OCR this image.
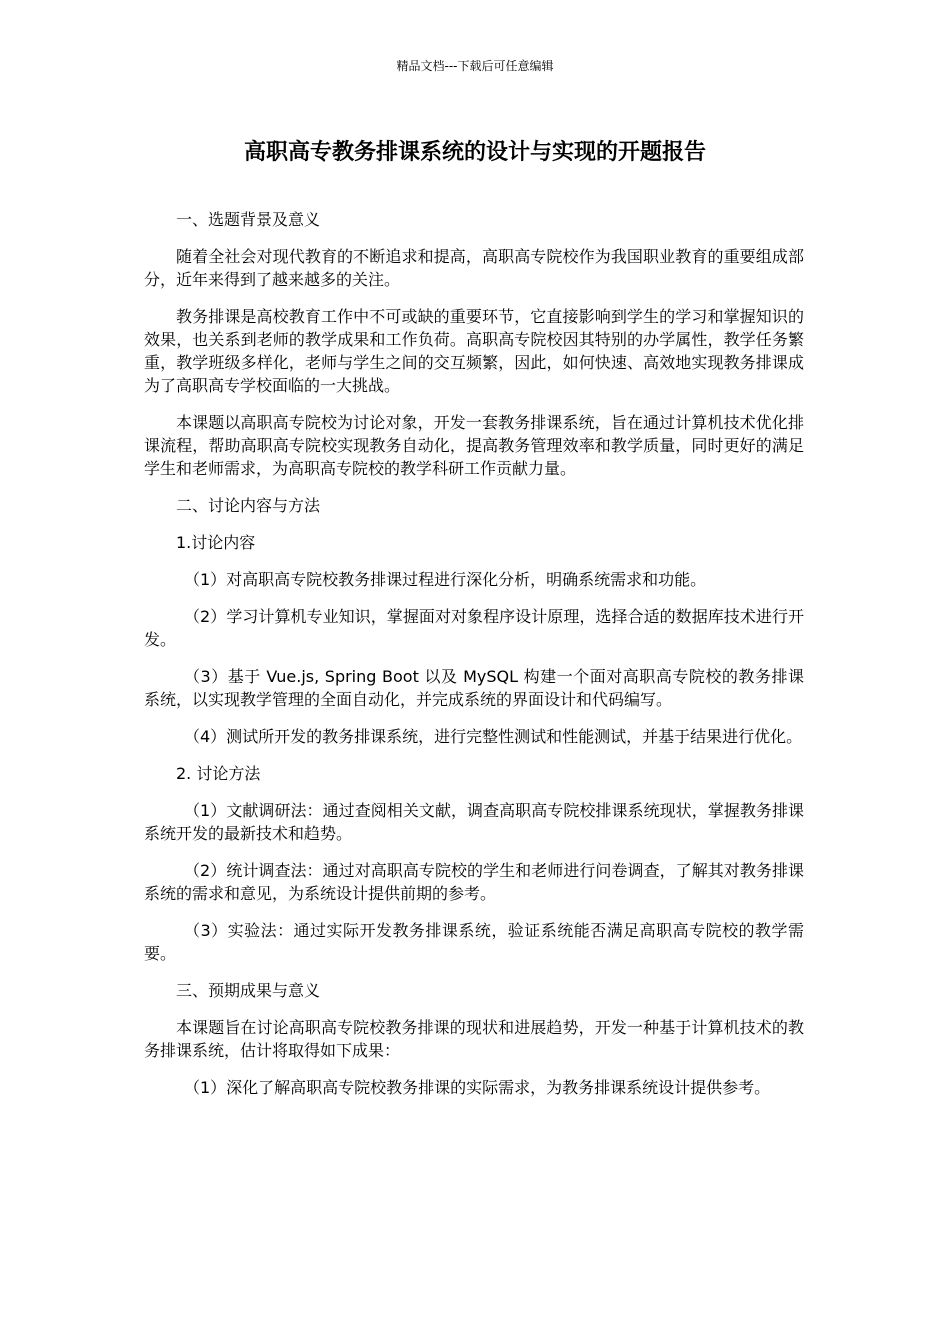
精品文档---下载后可任意编辑
高职高专教务排课系统的设计与实现的开题报告

一、选题背景及意义

随着全社会对现代教育的不断追求和提高，高职高专院校作为我国职业教育的重要组成部分，近年来得到了越来越多的关注。

教务排课是高校教育工作中不可或缺的重要环节，它直接影响到学生的学习和掌握知识的效果，也关系到老师的教学成果和工作负荷。高职高专院校因其特别的办学属性，教学任务繁重，教学班级多样化，老师与学生之间的交互频繁，因此，如何快速、高效地实现教务排课成为了高职高专学校面临的一大挑战。

本课题以高职高专院校为讨论对象，开发一套教务排课系统，旨在通过计算机技术优化排课流程，帮助高职高专院校实现教务自动化，提高教务管理效率和教学质量，同时更好的满足学生和老师需求，为高职高专院校的教学科研工作贡献力量。

二、讨论内容与方法

1.讨论内容

（1）对高职高专院校教务排课过程进行深化分析，明确系统需求和功能。

（2）学习计算机专业知识，掌握面对对象程序设计原理，选择合适的数据库技术进行开发。

（3）基于 Vue.js, Spring Boot 以及 MySQL 构建一个面对高职高专院校的教务排课系统，以实现教学管理的全面自动化，并完成系统的界面设计和代码编写。

（4）测试所开发的教务排课系统，进行完整性测试和性能测试，并基于结果进行优化。

2. 讨论方法

（1）文献调研法：通过查阅相关文献，调查高职高专院校排课系统现状，掌握教务排课系统开发的最新技术和趋势。

（2）统计调查法：通过对高职高专院校的学生和老师进行问卷调查，了解其对教务排课系统的需求和意见，为系统设计提供前期的参考。

（3）实验法：通过实际开发教务排课系统，验证系统能否满足高职高专院校的教学需要。

三、预期成果与意义

本课题旨在讨论高职高专院校教务排课的现状和进展趋势，开发一种基于计算机技术的教务排课系统，估计将取得如下成果：

（1）深化了解高职高专院校教务排课的实际需求，为教务排课系统设计提供参考。
